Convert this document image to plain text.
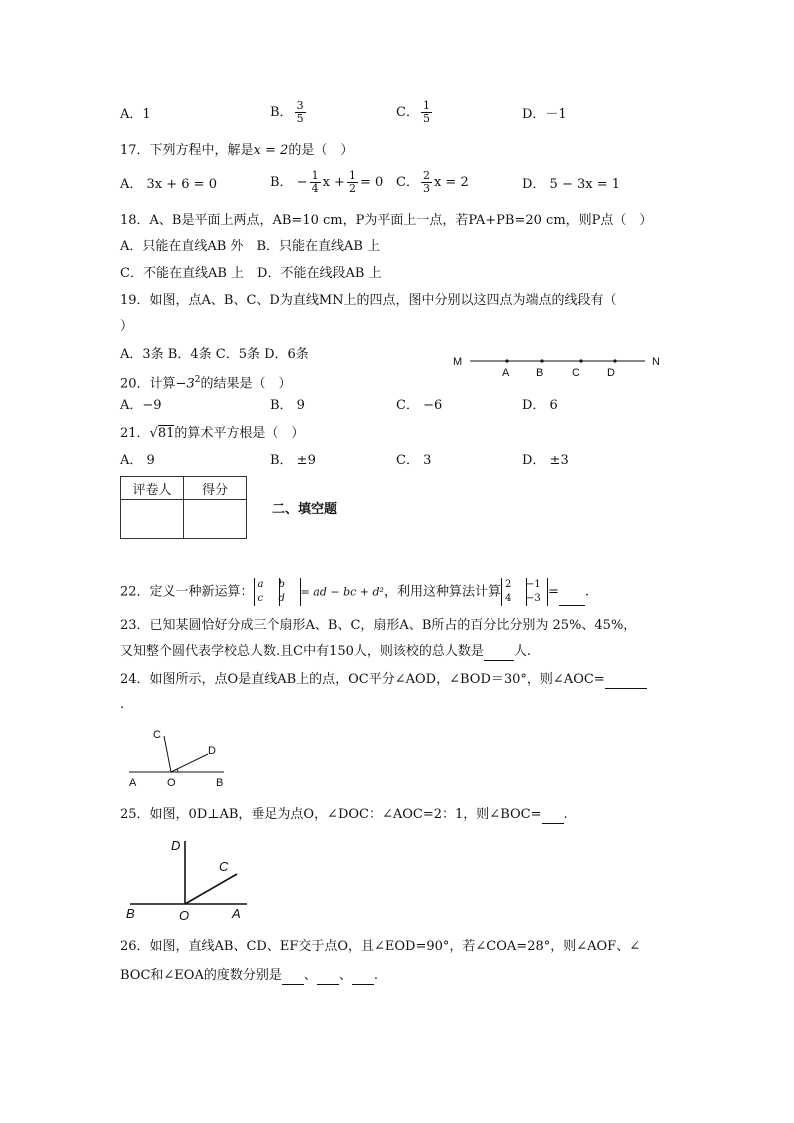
A．1	B． $\frac{3}{5}$	C． $\frac{1}{5}$	D．－1
17．下列方程中，解是x = 2的是（　）
A． 3x + 6 = 0	B． − $\frac{1}{4}$ $x + \frac{1}{2} = 0$ C． $\frac{2}{3}$ x = 2	D． 5 − 3x = 1
18．A、B是平面上两点，AB=10 cm，P为平面上一点，若PA+PB=20 cm，则P点（　）
A．只能在直线AB 外　B．只能在直线AB 上
C．不能在直线AB 上　D．不能在线段AB 上
19．如图，点A、B、C、D为直线MN上的四点，图中分别以这四点为端点的线段有（
）
A．3条 B．4条 C．5条 D．6条	M
A B	C D
N
20．计算$-3^2$的结果是（　）
A．−9	B． 9	C． −6	D． 6
21．√81的算术平方根是（　）
A． 9	B． ±9	C． 3	D． ±3
评卷人	得分

二、填空题
22．定义一种新运算： a
c
b
d	= ad − bc + d²，利用这种算法计算 2
4
−1
−3 = .
23．已知某圆恰好分成三个扇形A、B、C，扇形A、B所占的百分比分别为 25%、45%，
又知整个圆代表学校总人数.且C中有150人，则该校的总人数是 人.
24．如图所示，点O是直线AB上的点，OC平分∠AOD，∠BOD＝30°，则∠AOC=
.
C
D
A	O	B
25．如图，0D⊥AB，垂足为点O，∠DOC：∠AOC=2：1，则∠BOC= .
D
C
B	O	A
26．如图，直线AB、CD、EF交于点O，且∠EOD=90°，若∠COA=28°，则∠AOF、∠
BOC和∠EOA的度数分别是 、 、 .
